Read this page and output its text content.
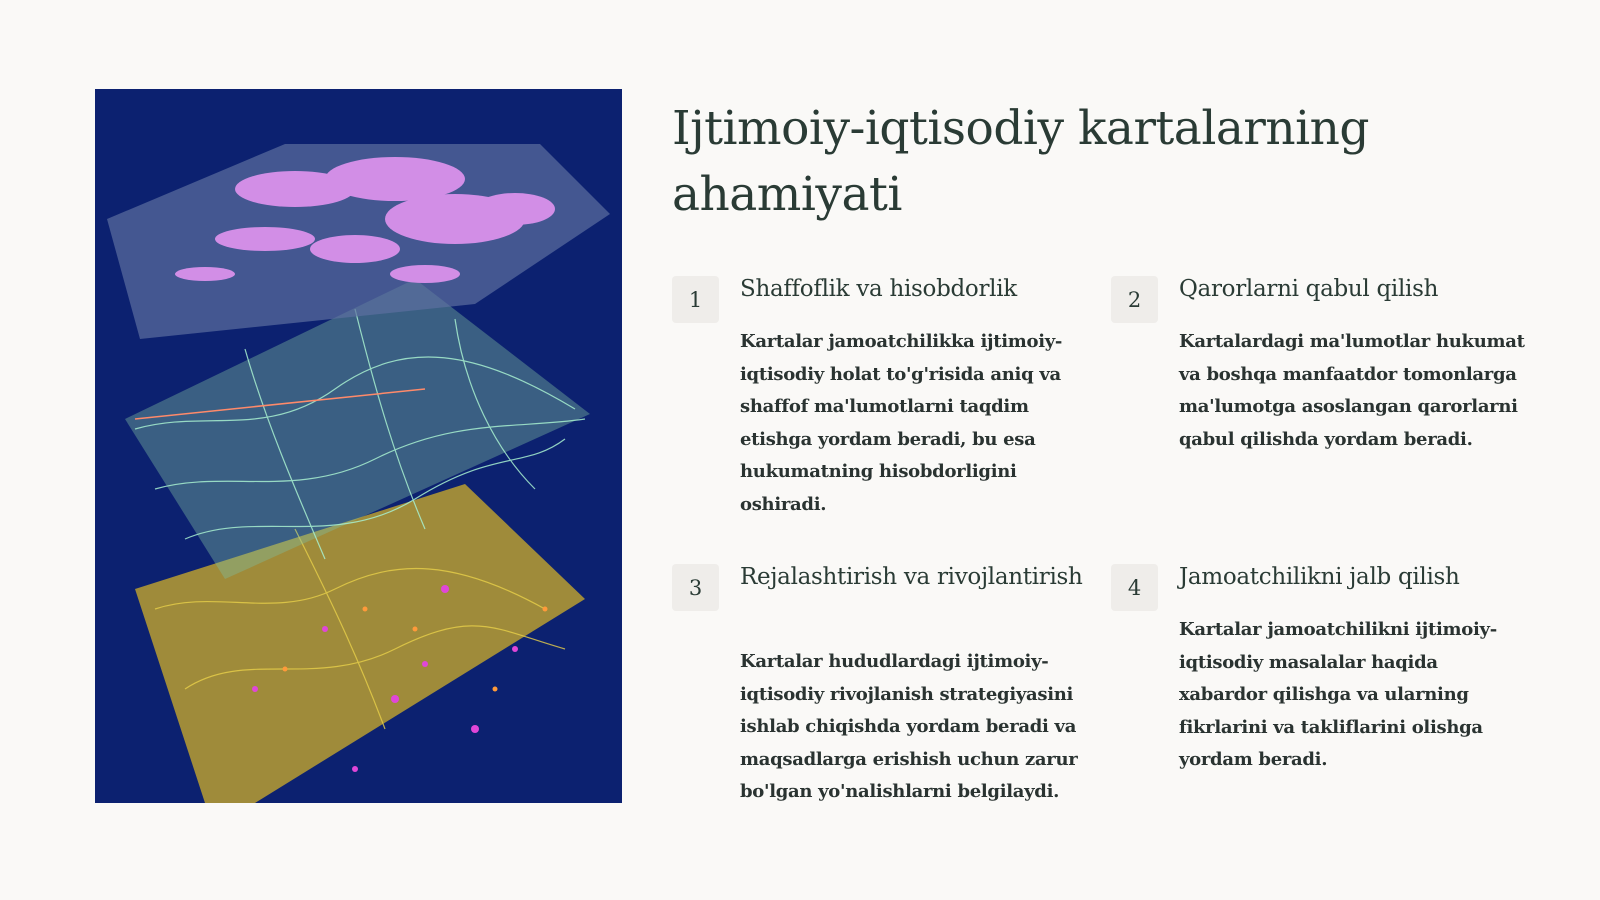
Ijtimoiy-iqtisodiy kartalarning ahamiyati
1	Shaffoflik va hisobdorlik
Kartalar jamoatchilikka ijtimoiy-iqtisodiy holat to'g'risida aniq va shaffof ma'lumotlarni taqdim etishga yordam beradi, bu esa hukumatning hisobdorligini oshiradi.
2	Qarorlarni qabul qilish
Kartalardagi ma'lumotlar hukumat va boshqa manfaatdor tomonlarga ma'lumotga asoslangan qarorlarni qabul qilishda yordam beradi.
3	Rejalashtirish va rivojlantirish
Kartalar hududlardagi ijtimoiy-iqtisodiy rivojlanish strategiyasini ishlab chiqishda yordam beradi va maqsadlarga erishish uchun zarur bo'lgan yo'nalishlarni belgilaydi.
4	Jamoatchilikni jalb qilish
Kartalar jamoatchilikni ijtimoiy-iqtisodiy masalalar haqida xabardor qilishga va ularning fikrlarini va takliflarini olishga yordam beradi.
